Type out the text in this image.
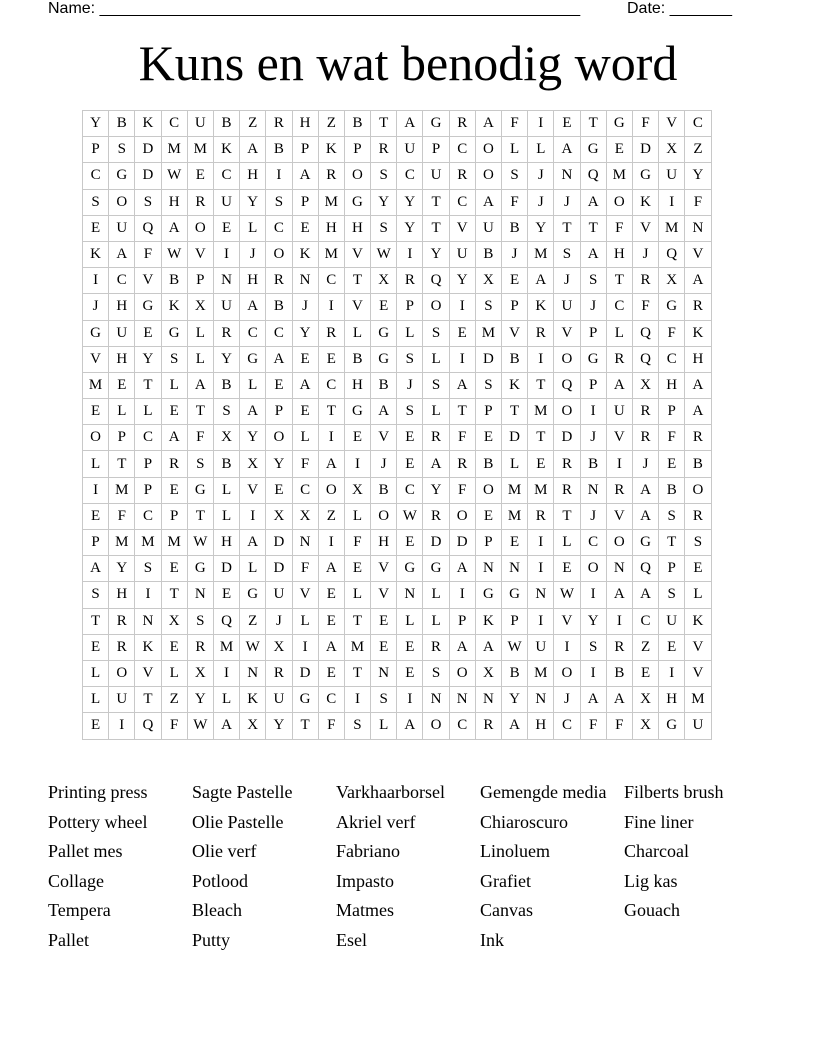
Name: ______________________________________________________	Date: _______
Kuns en wat benodig word
Y	B	K	C	U	B	Z	R	H	Z	B	T	A	G	R	A	F	I	E	T	G	F	V	C
P	S	D	M	M	K	A	B	P	K	P	R	U	P	C	O	L	L	A	G	E	D	X	Z
C	G	D	W	E	C	H	I	A	R	O	S	C	U	R	O	S	J	N	Q	M	G	U	Y
S	O	S	H	R	U	Y	S	P	M	G	Y	Y	T	C	A	F	J	J	A	O	K	I	F
E	U	Q	A	O	E	L	C	E	H	H	S	Y	T	V	U	B	Y	T	T	F	V	M	N
K	A	F	W	V	I	J	O	K	M	V	W	I	Y	U	B	J	M	S	A	H	J	Q	V
I	C	V	B	P	N	H	R	N	C	T	X	R	Q	Y	X	E	A	J	S	T	R	X	A
J	H	G	K	X	U	A	B	J	I	V	E	P	O	I	S	P	K	U	J	C	F	G	R
G	U	E	G	L	R	C	C	Y	R	L	G	L	S	E	M	V	R	V	P	L	Q	F	K
V	H	Y	S	L	Y	G	A	E	E	B	G	S	L	I	D	B	I	O	G	R	Q	C	H
M	E	T	L	A	B	L	E	A	C	H	B	J	S	A	S	K	T	Q	P	A	X	H	A
E	L	L	E	T	S	A	P	E	T	G	A	S	L	T	P	T	M	O	I	U	R	P	A
O	P	C	A	F	X	Y	O	L	I	E	V	E	R	F	E	D	T	D	J	V	R	F	R
L	T	P	R	S	B	X	Y	F	A	I	J	E	A	R	B	L	E	R	B	I	J	E	B
I	M	P	E	G	L	V	E	C	O	X	B	C	Y	F	O	M	M	R	N	R	A	B	O
E	F	C	P	T	L	I	X	X	Z	L	O	W	R	O	E	M	R	T	J	V	A	S	R
P	M	M	M	W	H	A	D	N	I	F	H	E	D	D	P	E	I	L	C	O	G	T	S
A	Y	S	E	G	D	L	D	F	A	E	V	G	G	A	N	N	I	E	O	N	Q	P	E
S	H	I	T	N	E	G	U	V	E	L	V	N	L	I	G	G	N	W	I	A	A	S	L
T	R	N	X	S	Q	Z	J	L	E	T	E	L	L	P	K	P	I	V	Y	I	C	U	K
E	R	K	E	R	M	W	X	I	A	M	E	E	R	A	A	W	U	I	S	R	Z	E	V
L	O	V	L	X	I	N	R	D	E	T	N	E	S	O	X	B	M	O	I	B	E	I	V
L	U	T	Z	Y	L	K	U	G	C	I	S	I	N	N	N	Y	N	J	A	A	X	H	M
E	I	Q	F	W	A	X	Y	T	F	S	L	A	O	C	R	A	H	C	F	F	X	G	U
Printing press
Pottery wheel
Pallet mes
Collage
Tempera
Pallet
Sagte Pastelle
Olie Pastelle
Olie verf
Potlood
Bleach
Putty
Varkhaarborsel
Akriel verf
Fabriano
Impasto
Matmes
Esel
Gemengde media
Chiaroscuro
Linoluem
Grafiet
Canvas
Ink
Filberts brush
Fine liner
Charcoal
Lig kas
Gouach
